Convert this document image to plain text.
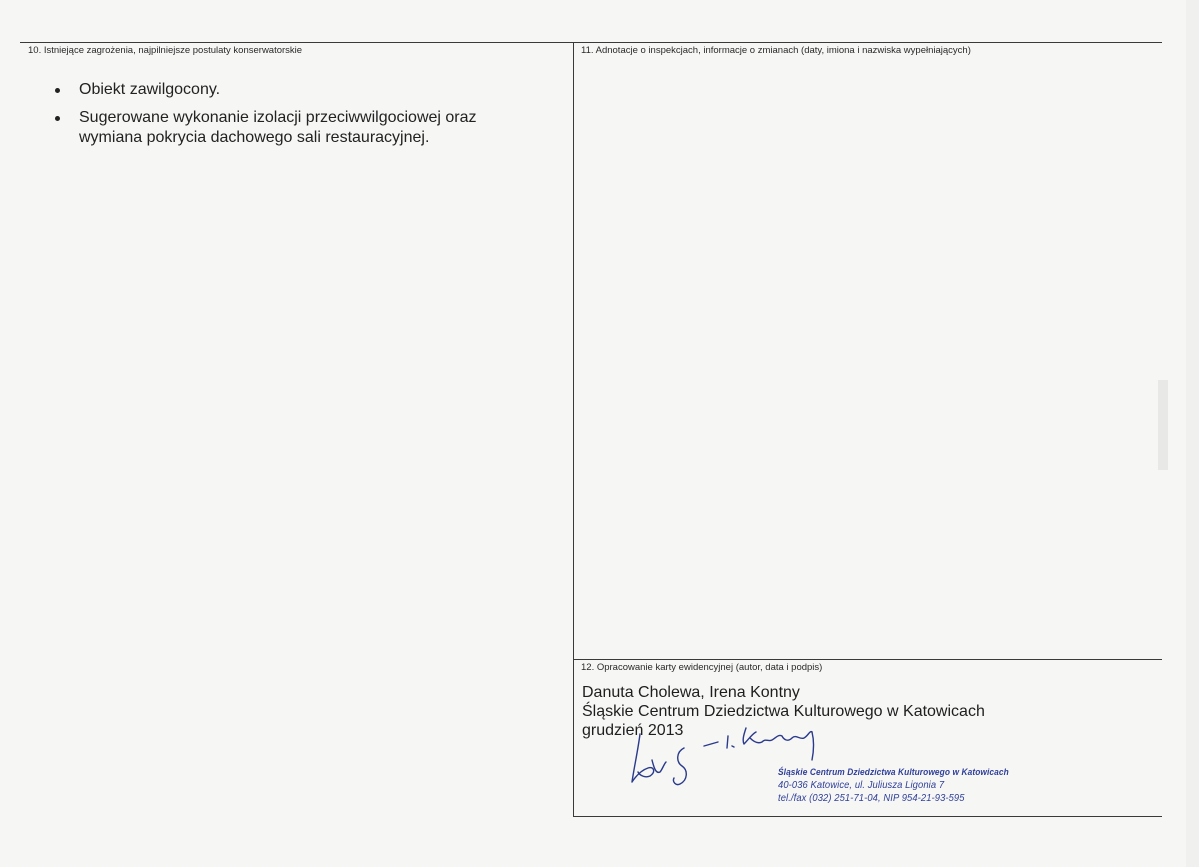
10. Istniejące zagrożenia, najpilniejsze postulaty konserwatorskie
Obiekt zawilgocony.
Sugerowane wykonanie izolacji przeciwwilgociowej oraz wymiana pokrycia dachowego sali restauracyjnej.
11. Adnotacje o inspekcjach, informacje o zmianach (daty, imiona i nazwiska wypełniających)
12. Opracowanie karty ewidencyjnej (autor, data i podpis)
Danuta Cholewa, Irena Kontny
Śląskie Centrum Dziedzictwa Kulturowego w Katowicach
grudzień 2013
Śląskie Centrum Dziedzictwa Kulturowego w Katowicach
40-036 Katowice, ul. Juliusza Ligonia 7
tel./fax (032) 251-71-04, NIP 954-21-93-595
